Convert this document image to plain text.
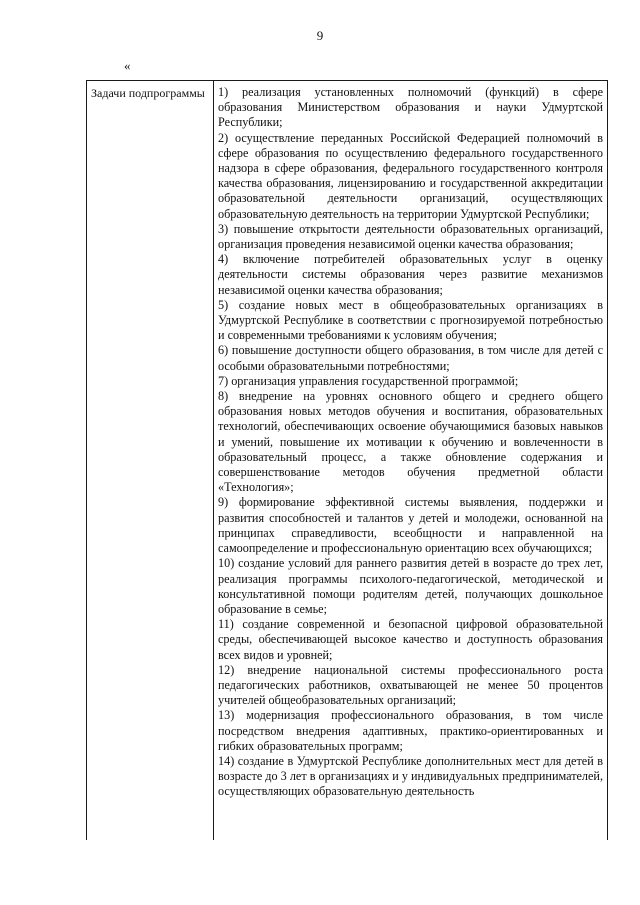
9
«
Задачи подпрограммы	1) реализация установленных полномочий (функций) в сфере образования Министерством образования и науки Удмуртской Республики;

2) осуществление переданных Российской Федерацией полномочий в сфере образования по осуществлению федерального государственного надзора в сфере образования, федерального государственного контроля качества образования, лицензированию и государственной аккредитации образовательной деятельности организаций, осуществляющих образовательную деятельность на территории Удмуртской Республики;

3) повышение открытости деятельности образовательных организаций, организация проведения независимой оценки качества образования;

4) включение потребителей образовательных услуг в оценку деятельности системы образования через развитие механизмов независимой оценки качества образования;

5) создание новых мест в общеобразовательных организациях в Удмуртской Республике в соответствии с прогнозируемой потребностью и современными требованиями к условиям обучения;

6) повышение доступности общего образования, в том числе для детей с особыми образовательными потребностями;

7) организация управления государственной программой;

8) внедрение на уровнях основного общего и среднего общего образования новых методов обучения и воспитания, образовательных технологий, обеспечивающих освоение обучающимися базовых навыков и умений, повышение их мотивации к обучению и вовлеченности в образовательный процесс, а также обновление содержания и совершенствование методов обучения предметной области «Технология»;

9) формирование эффективной системы выявления, поддержки и развития способностей и талантов у детей и молодежи, основанной на принципах справедливости, всеобщности и направленной на самоопределение и профессиональную ориентацию всех обучающихся;

10) создание условий для раннего развития детей в возрасте до трех лет, реализация программы психолого-педагогической, методической и консультативной помощи родителям детей, получающих дошкольное образование в семье;

11) создание современной и безопасной цифровой образовательной среды, обеспечивающей высокое качество и доступность образования всех видов и уровней;

12) внедрение национальной системы профессионального роста педагогических работников, охватывающей не менее 50 процентов учителей общеобразовательных организаций;

13) модернизация профессионального образования, в том числе посредством внедрения адаптивных, практико-ориентированных и гибких образовательных программ;

14) создание в Удмуртской Республике дополнительных мест для детей в возрасте до 3 лет в организациях и у индивидуальных предпринимателей, осуществляющих образовательную деятельность
